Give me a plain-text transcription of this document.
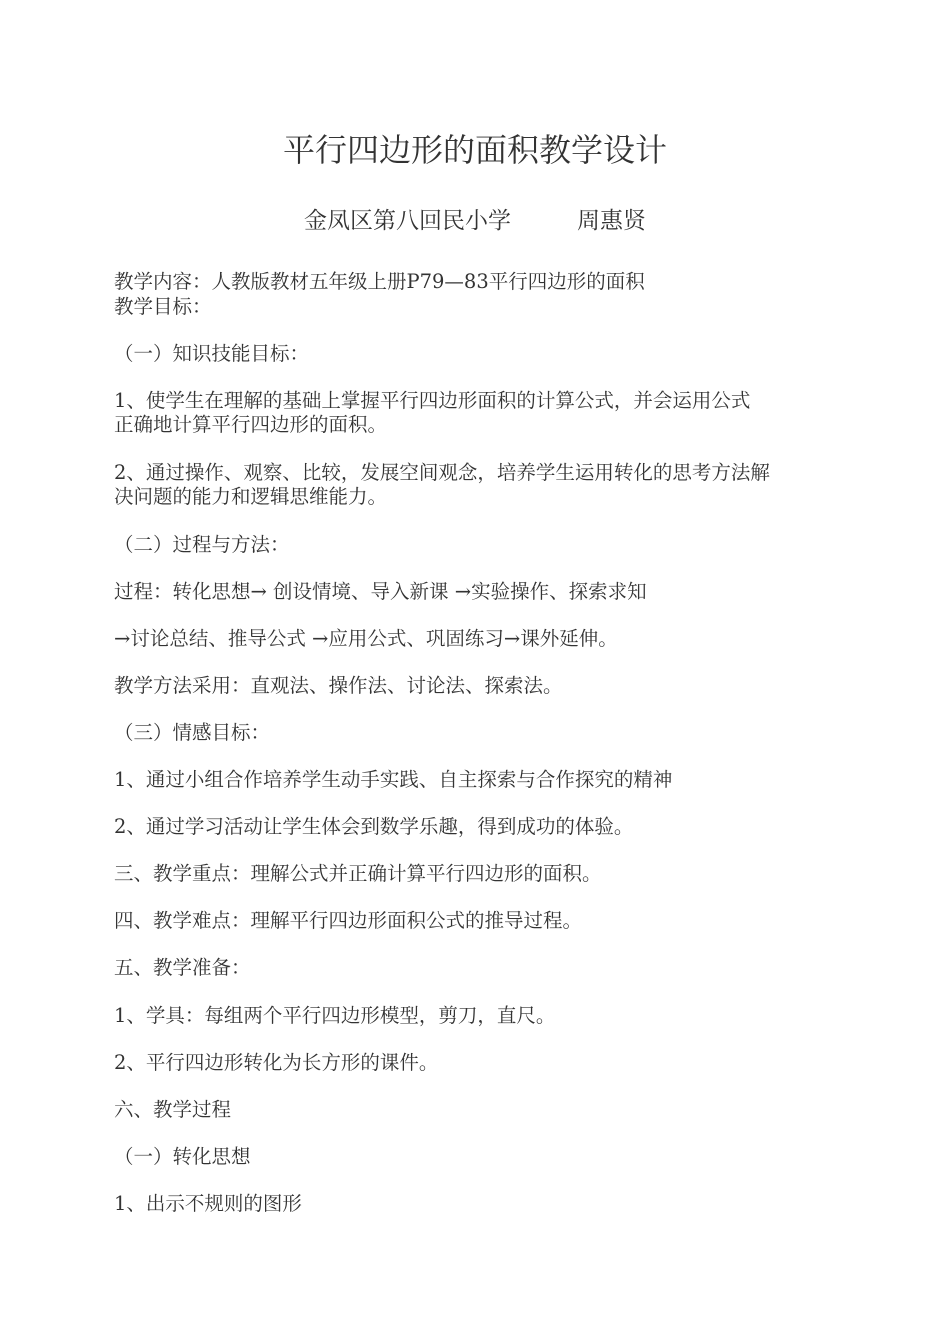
平行四边形的面积教学设计
金凤区第八回民小学	周惠贤
教学内容：人教版教材五年级上册P79—83平行四边形的面积
教学目标：
（一）知识技能目标：
1、使学生在理解的基础上掌握平行四边形面积的计算公式，并会运用公式
正确地计算平行四边形的面积。
2、通过操作、观察、比较，发展空间观念，培养学生运用转化的思考方法解
决问题的能力和逻辑思维能力。
（二）过程与方法：
过程：转化思想→ 创设情境、导入新课 →实验操作、探索求知
→讨论总结、推导公式 →应用公式、巩固练习→课外延伸。
教学方法采用：直观法、操作法、讨论法、探索法。
（三）情感目标：
1、通过小组合作培养学生动手实践、自主探索与合作探究的精神
2、通过学习活动让学生体会到数学乐趣，得到成功的体验。
三、教学重点：理解公式并正确计算平行四边形的面积。
四、教学难点：理解平行四边形面积公式的推导过程。
五、教学准备：
1、学具：每组两个平行四边形模型，剪刀，直尺。
2、平行四边形转化为长方形的课件。
六、教学过程
（一）转化思想
1、出示不规则的图形
